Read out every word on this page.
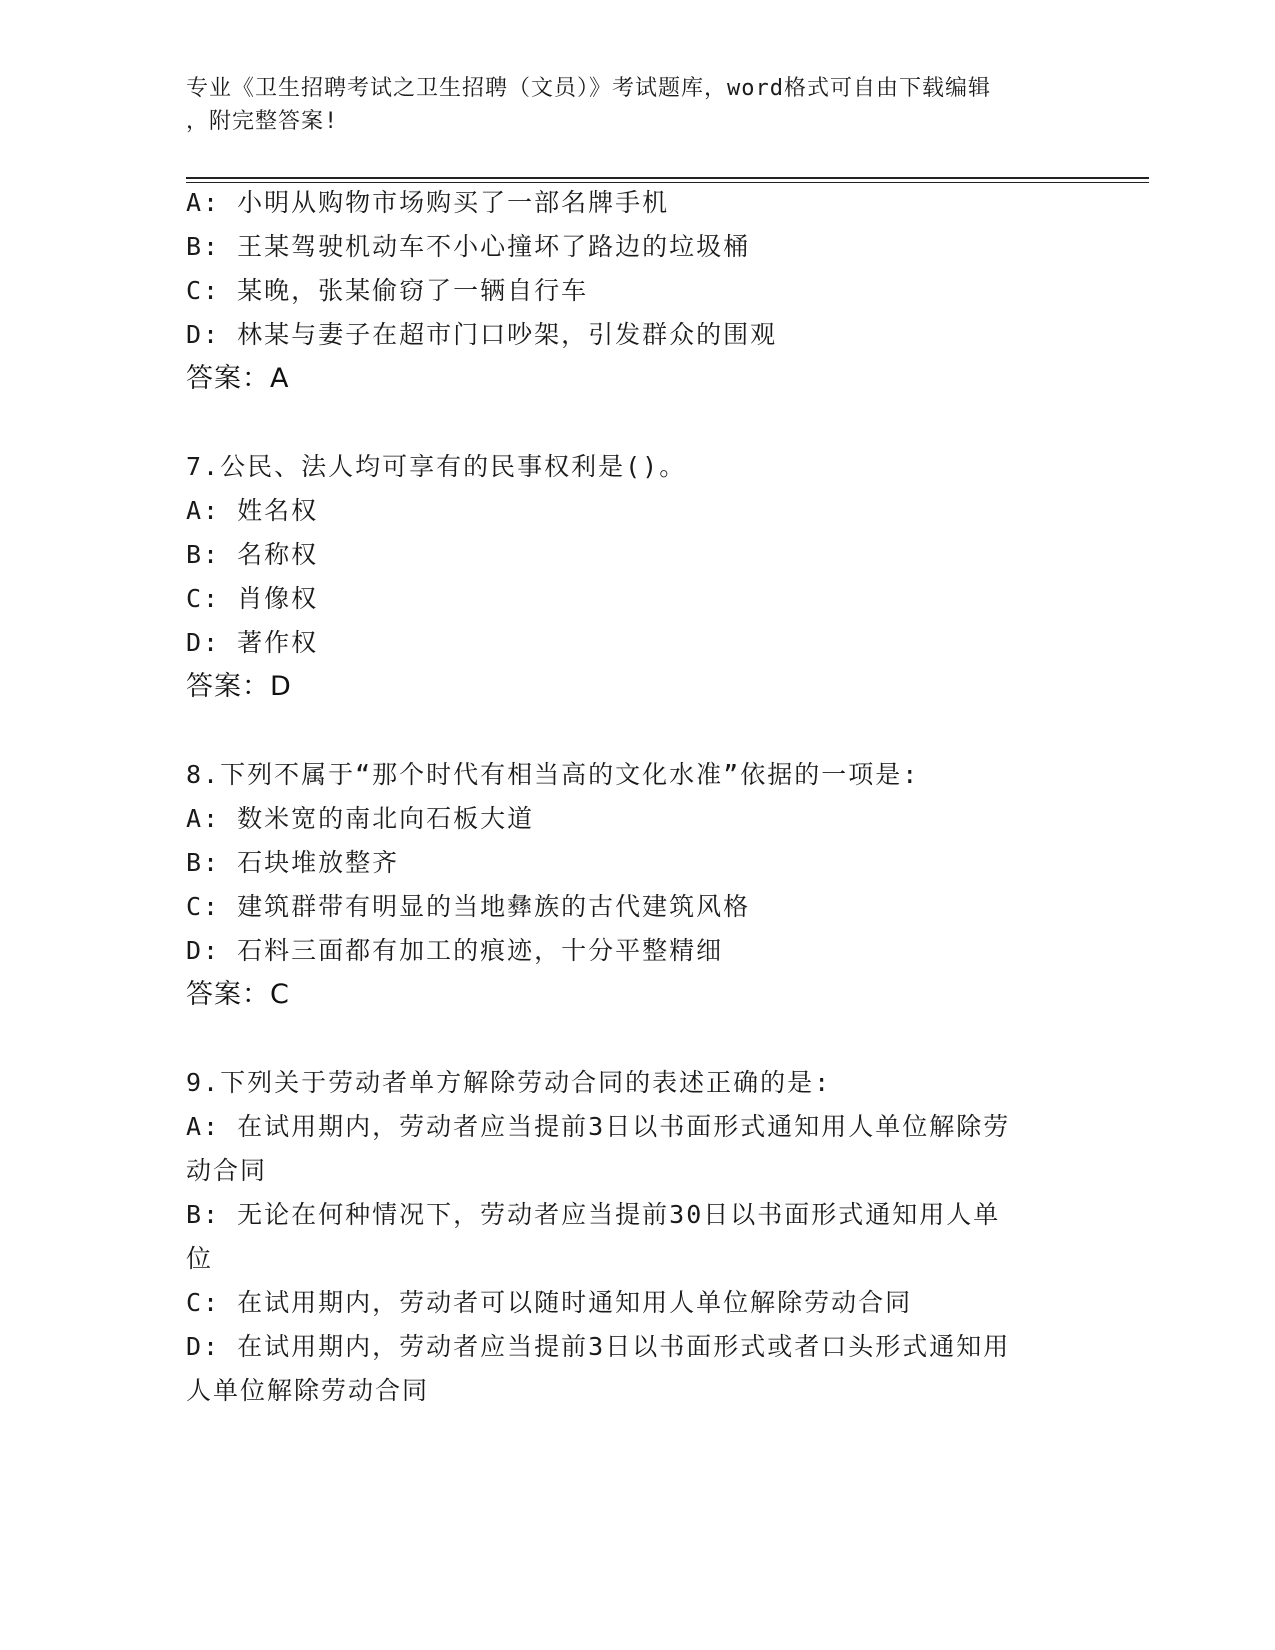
专业《卫生招聘考试之卫生招聘（文员）》考试题库，word格式可自由下载编辑
，附完整答案!
A: 小明从购物市场购买了一部名牌手机
B: 王某驾驶机动车不小心撞坏了路边的垃圾桶
C: 某晚，张某偷窃了一辆自行车
D: 林某与妻子在超市门口吵架，引发群众的围观
答案：A
7.公民、法人均可享有的民事权利是()。
A: 姓名权
B: 名称权
C: 肖像权
D: 著作权
答案：D
8.下列不属于“那个时代有相当高的文化水准”依据的一项是:
A: 数米宽的南北向石板大道
B: 石块堆放整齐
C: 建筑群带有明显的当地彝族的古代建筑风格
D: 石料三面都有加工的痕迹，十分平整精细
答案：C
9.下列关于劳动者单方解除劳动合同的表述正确的是:
A: 在试用期内，劳动者应当提前3日以书面形式通知用人单位解除劳
动合同
B: 无论在何种情况下，劳动者应当提前30日以书面形式通知用人单
位
C: 在试用期内，劳动者可以随时通知用人单位解除劳动合同
D: 在试用期内，劳动者应当提前3日以书面形式或者口头形式通知用
人单位解除劳动合同
